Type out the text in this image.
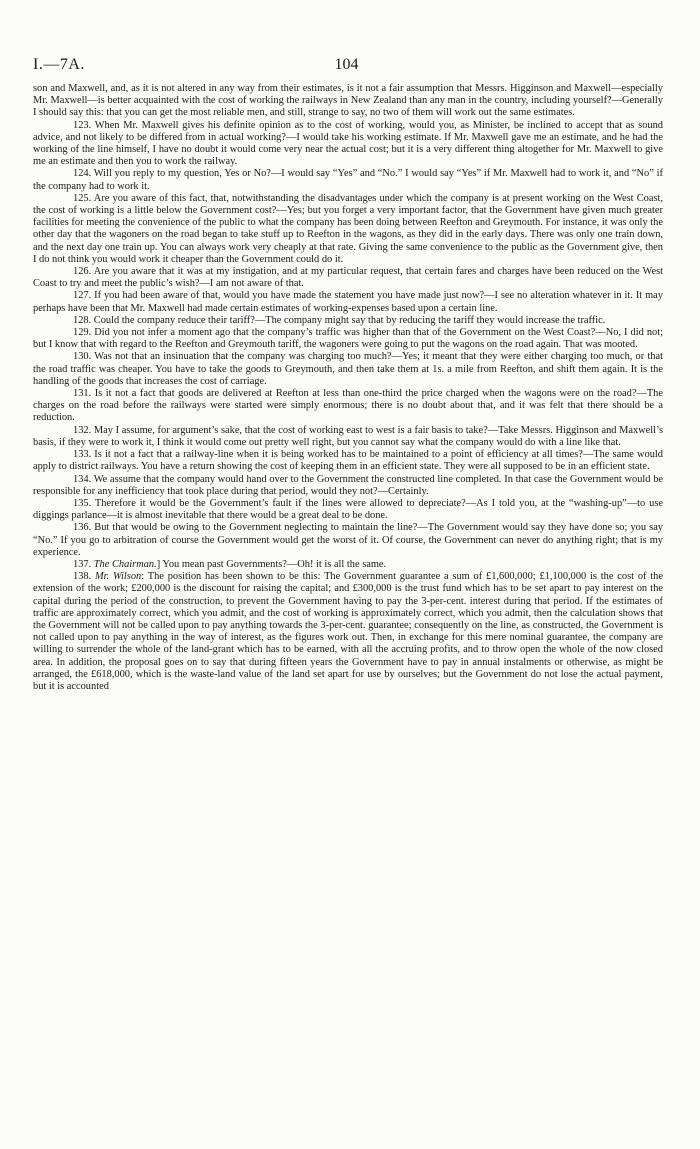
I.—7A.	104

son and Maxwell, and, as it is not altered in any way from their estimates, is it not a fair assumption that Messrs. Higginson and Maxwell—especially Mr. Maxwell—is better acquainted with the cost of working the railways in New Zealand than any man in the country, including yourself?—Generally I should say this: that you can get the most reliable men, and still, strange to say, no two of them will work out the same estimates.

123. When Mr. Maxwell gives his definite opinion as to the cost of working, would you, as Minister, be inclined to accept that as sound advice, and not likely to be differed from in actual working?—I would take his working estimate. If Mr. Maxwell gave me an estimate, and he had the working of the line himself, I have no doubt it would come very near the actual cost; but it is a very different thing altogether for Mr. Maxwell to give me an estimate and then you to work the railway.

124. Will you reply to my question, Yes or No?—I would say “Yes” and “No.” I would say “Yes” if Mr. Maxwell had to work it, and “No” if the company had to work it.

125. Are you aware of this fact, that, notwithstanding the disadvantages under which the company is at present working on the West Coast, the cost of working is a little below the Government cost?—Yes; but you forget a very important factor, that the Government have given much greater facilities for meeting the convenience of the public to what the company has been doing between Reefton and Greymouth. For instance, it was only the other day that the wagoners on the road began to take stuff up to Reefton in the wagons, as they did in the early days. There was only one train down, and the next day one train up. You can always work very cheaply at that rate. Giving the same convenience to the public as the Government give, then I do not think you would work it cheaper than the Government could do it.

126. Are you aware that it was at my instigation, and at my particular request, that certain fares and charges have been reduced on the West Coast to try and meet the public’s wish?—I am not aware of that.

127. If you had been aware of that, would you have made the statement you have made just now?—I see no alteration whatever in it. It may perhaps have been that Mr. Maxwell had made certain estimates of working-expenses based upon a certain line.

128. Could the company reduce their tariff?—The company might say that by reducing the tariff they would increase the traffic.

129. Did you not infer a moment ago that the company’s traffic was higher than that of the Government on the West Coast?—No, I did not; but I know that with regard to the Reefton and Greymouth tariff, the wagoners were going to put the wagons on the road again. That was mooted.

130. Was not that an insinuation that the company was charging too much?—Yes; it meant that they were either charging too much, or that the road traffic was cheaper. You have to take the goods to Greymouth, and then take them at 1s. a mile from Reefton, and shift them again. It is the handling of the goods that increases the cost of carriage.

131. Is it not a fact that goods are delivered at Reefton at less than one-third the price charged when the wagons were on the road?—The charges on the road before the railways were started were simply enormous; there is no doubt about that, and it was felt that there should be a reduction.

132. May I assume, for argument’s sake, that the cost of working east to west is a fair basis to take?—Take Messrs. Higginson and Maxwell’s basis, if they were to work it, I think it would come out pretty well right, but you cannot say what the company would do with a line like that.

133. Is it not a fact that a railway-line when it is being worked has to be maintained to a point of efficiency at all times?—The same would apply to district railways. You have a return showing the cost of keeping them in an efficient state. They were all supposed to be in an efficient state.

134. We assume that the company would hand over to the Government the constructed line completed. In that case the Government would be responsible for any inefficiency that took place during that period, would they not?—Certainly.

135. Therefore it would be the Government’s fault if the lines were allowed to depreciate?—As I told you, at the “washing-up”—to use diggings parlance—it is almost inevitable that there would be a great deal to be done.

136. But that would be owing to the Government neglecting to maintain the line?—The Government would say they have done so; you say “No.” If you go to arbitration of course the Government would get the worst of it. Of course, the Government can never do anything right; that is my experience.

137. The Chairman.] You mean past Governments?—Oh! it is all the same.

138. Mr. Wilson: The position has been shown to be this: The Government guarantee a sum of £1,600,000; £1,100,000 is the cost of the extension of the work; £200,000 is the discount for raising the capital; and £300,000 is the trust fund which has to be set apart to pay interest on the capital during the period of the construction, to prevent the Government having to pay the 3-per-cent. interest during that period. If the estimates of traffic are approximately correct, which you admit, and the cost of working is approximately correct, which you admit, then the calculation shows that the Government will not be called upon to pay anything towards the 3-per-cent. guarantee; consequently on the line, as constructed, the Government is not called upon to pay anything in the way of interest, as the figures work out. Then, in exchange for this mere nominal guarantee, the company are willing to surrender the whole of the land-grant which has to be earned, with all the accruing profits, and to throw open the whole of the now closed area. In addition, the proposal goes on to say that during fifteen years the Government have to pay in annual instalments or otherwise, as might be arranged, the £618,000, which is the waste-land value of the land set apart for use by ourselves; but the Government do not lose the actual payment, but it is accounted
